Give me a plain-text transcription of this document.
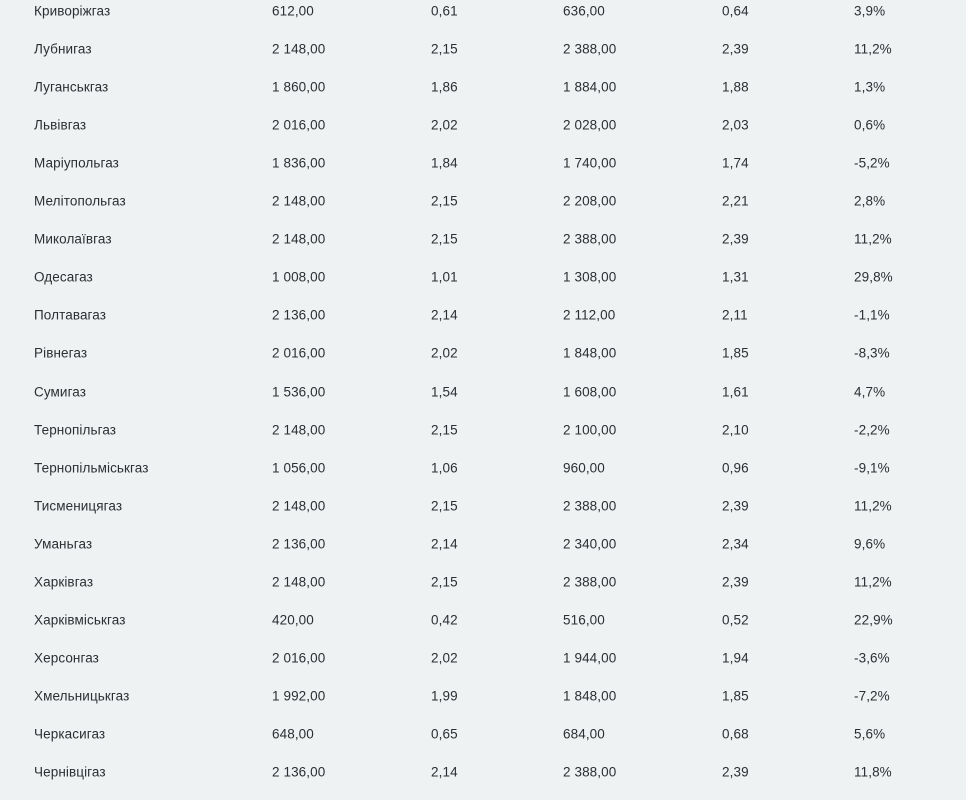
Криворіжгаз	612,00	0,61	636,00	0,64	3,9%
Лубнигаз	2 148,00	2,15	2 388,00	2,39	11,2%
Луганськгаз	1 860,00	1,86	1 884,00	1,88	1,3%
Львівгаз	2 016,00	2,02	2 028,00	2,03	0,6%
Маріупольгаз	1 836,00	1,84	1 740,00	1,74	-5,2%
Мелітопольгаз	2 148,00	2,15	2 208,00	2,21	2,8%
Миколаївгаз	2 148,00	2,15	2 388,00	2,39	11,2%
Одесагаз	1 008,00	1,01	1 308,00	1,31	29,8%
Полтавагаз	2 136,00	2,14	2 112,00	2,11	-1,1%
Рівнегаз	2 016,00	2,02	1 848,00	1,85	-8,3%
Сумигаз	1 536,00	1,54	1 608,00	1,61	4,7%
Тернопільгаз	2 148,00	2,15	2 100,00	2,10	-2,2%
Тернопільміськгаз	1 056,00	1,06	960,00	0,96	-9,1%
Тисменицягаз	2 148,00	2,15	2 388,00	2,39	11,2%
Уманьгаз	2 136,00	2,14	2 340,00	2,34	9,6%
Харківгаз	2 148,00	2,15	2 388,00	2,39	11,2%
Харківміськгаз	420,00	0,42	516,00	0,52	22,9%
Херсонгаз	2 016,00	2,02	1 944,00	1,94	-3,6%
Хмельницькгаз	1 992,00	1,99	1 848,00	1,85	-7,2%
Черкасигаз	648,00	0,65	684,00	0,68	5,6%
Чернівцігаз	2 136,00	2,14	2 388,00	2,39	11,8%
